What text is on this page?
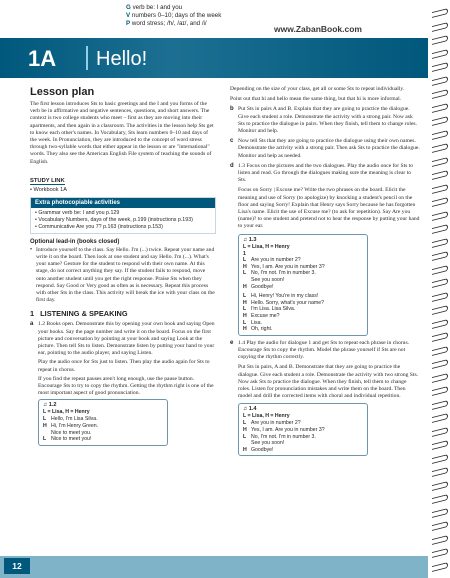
G verb be: I and you
V numbers 0–10; days of the week
P word stress; /h/, /aɪ/, and /i/
www.ZabanBook.com
1A Hello!
Lesson plan

The first lesson introduces Sts to basic greetings and the I and you forms of the verb be in affirmative and negative sentences, questions, and short answers. The context is two college students who meet – first as they are moving into their apartments, and then again in a classroom. The activities in the lesson help Sts get to know each other's names. In Vocabulary, Sts learn numbers 0–10 and days of the week. In Pronunciation, they are introduced to the concept of word stress through two-syllable words that either appear in the lesson or are "international" words. They also see the American English File system of teaching the sounds of English.

STUDY LINK
• Workbook 1A
Extra photocopiable activities
• Grammar verb be: I and you p.129
• Vocabulary Numbers, days of the week, p.199 (instructions p.193)
• Communicative Are you 7? p.163 (instructions p.153)
Optional lead-in (books closed)

• Introduce yourself to the class. Say Hello. I'm (...) twice. Repeat your name and write it on the board. Then look at one student and say Hello. I'm (...). What's your name? Gesture for the student to respond with their own name. At this stage, do not correct anything they say. If the student fails to respond, move onto another student until you get the right response. Praise Sts when they respond. Say Good or Very good as often as is necessary. Repeat this process with other Sts in the class. This activity will break the ice with your class on the first day.

1 LISTENING & SPEAKING
a 1.2 Books open. Demonstrate this by opening your own book and saying Open your books. Say the page number and write it on the board. Focus on the first picture and conversation by pointing at your book and saying Look at the picture. Then tell Sts to listen. Demonstrate listen by putting your hand to your ear, pointing to the audio player, and saying Listen.

Play the audio once for Sts just to listen. Then play the audio again for Sts to repeat in chorus.

If you find the repeat pauses aren't long enough, use the pause button. Encourage Sts to try to copy the rhythm. Getting the rhythm right is one of the most important aspect of good pronunciation.

♫ 1.2
L = Lisa, H = Henry
L Hello, I'm Lisa Silva.
H Hi, I'm Henry Green.
Nice to meet you.
L Nice to meet you!

Depending on the size of your class, get all or some Sts to repeat individually.

Point out that hi and hello mean the same thing, but that hi is more informal.

b Put Sts in pairs A and B. Explain that they are going to practice the dialogue. Give each student a role. Demonstrate the activity with a strong pair. Now ask Sts to practice the dialogue in pairs. When they finish, tell them to change roles. Monitor and help.

c Now tell Sts that they are going to practice the dialogue using their own names. Demonstrate the activity with a strong pair. Then ask Sts to practice the dialogue. Monitor and help as needed.

d 1.3 Focus on the pictures and the two dialogues. Play the audio once for Sts to listen and read. Go through the dialogues making sure the meaning is clear to Sts.

Focus on Sorry | Excuse me? Write the two phrases on the board. Elicit the meaning and use of Sorry (to apologize) by knocking a student's pencil on the floor and saying Sorry! Explain that Henry says Sorry because he has forgotten Lisa's name. Elicit the use of Excuse me? (to ask for repetition). Say Are you (name)? to one student and pretend not to hear the response by putting your hand to your ear.

♫ 1.3
L = Lisa, H = Henry
1
L Are you in number 2?
H Yes, I am. Are you in number 3?
L No, I'm not. I'm in number 3.
See you soon!
H Goodbye!
L Hi, Henry! You're in my class!
H Hello. Sorry, what's your name?
L I'm Lisa. Lisa Silva.
H Excuse me?
L Lisa.
H Oh, right.
e 1.4 Play the audio for dialogue 1 and get Sts to repeat each phrase in chorus. Encourage Sts to copy the rhythm. Model the phrase yourself if Sts are not copying the rhythm correctly.

Put Sts in pairs, A and B. Demonstrate that they are going to practice the dialogue. Give each student a role. Demonstrate the activity with two strong Sts. Now ask Sts to practice the dialogue. When they finish, tell them to change roles. Listen for pronunciation mistakes and write them on the board. Then model and drill the corrected items with choral and individual repetition.

♫ 1.4
L = Lisa, H = Henry
L Are you in number 2?
H Yes, I am. Are you in number 3?
L No, I'm not. I'm in number 3.
See you soon!
H Goodbye!
12
